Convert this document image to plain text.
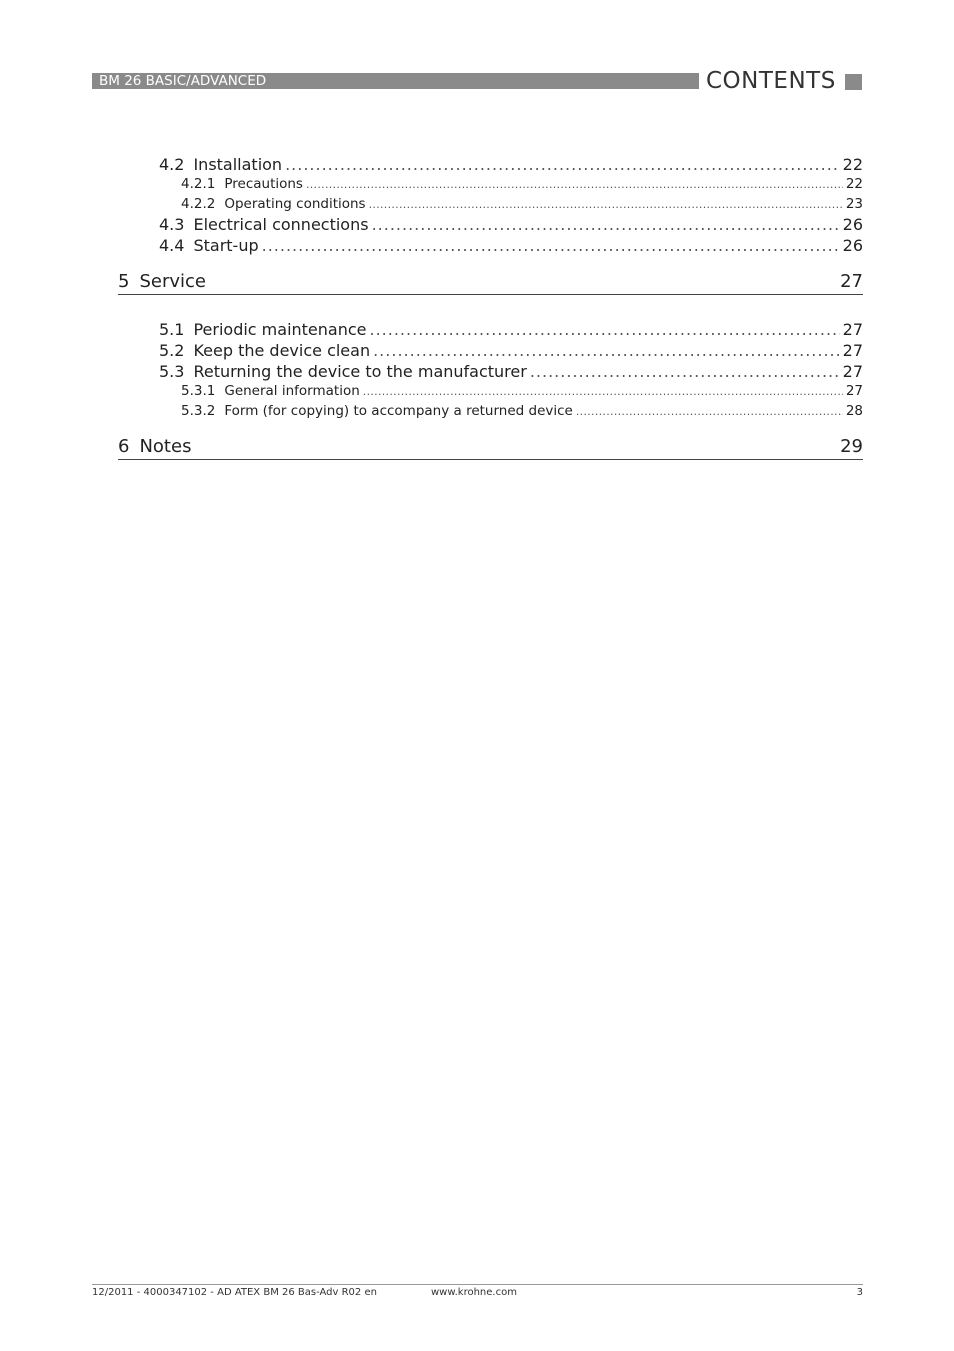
BM 26 BASIC/ADVANCED	CONTENTS
4.2 Installation .....	22
4.2.1 Precautions .....	22
4.2.2 Operating conditions .....	23
4.3 Electrical connections .....	26
4.4 Start-up .....	26
5 Service	27
5.1 Periodic maintenance .....	27
5.2 Keep the device clean .....	27
5.3 Returning the device to the manufacturer .....	27
5.3.1 General information .....	27
5.3.2 Form (for copying) to accompany a returned device .....	28
6 Notes	29
12/2011 - 4000347102 - AD ATEX BM 26 Bas-Adv R02 en	www.krohne.com	3
